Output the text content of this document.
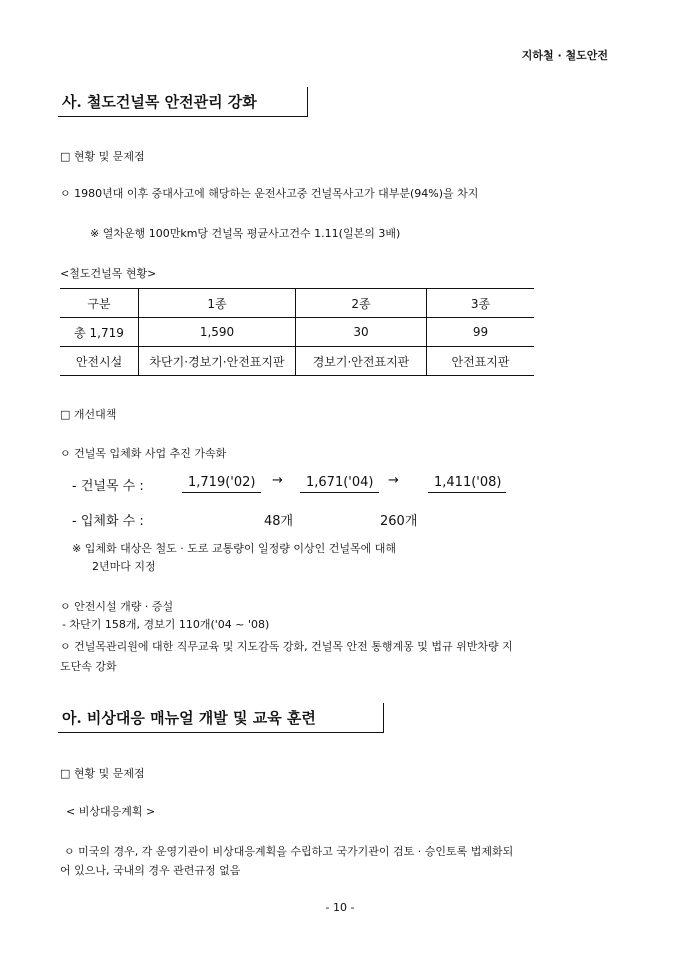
지하철 · 철도안전
사. 철도건널목 안전관리 강화
□ 현황 및 문제점
ㅇ 1980년대 이후 중대사고에 해당하는 운전사고중 건널목사고가 대부분(94%)을 차지
※ 열차운행 100만km당 건널목 평균사고건수 1.11(일본의 3배)
<철도건널목 현황>
구분	1종	2종	3종
총 1,719	1,590	30	99
안전시설	차단기·경보기·안전표지판	경보기·안전표지판	안전표지판
□ 개선대책
ㅇ 건널목 입체화 사업 추진 가속화
- 건널목 수 :	1,719('02)	→	1,671('04)	→	1,411('08)
- 입체화 수 :	48개	260개
※ 입체화 대상은 철도 · 도로 교통량이 일정량 이상인 건널목에 대해
2년마다 지정
ㅇ 안전시설 개량 · 증설
- 차단기 158개, 경보기 110개('04 ~ '08)
ㅇ 건널목관리원에 대한 직무교육 및 지도감독 강화, 건널목 안전 통행계몽 및 법규 위반차량 지
도단속 강화
아. 비상대응 매뉴얼 개발 및 교육 훈련
□ 현황 및 문제점
< 비상대응계획 >
ㅇ 미국의 경우, 각 운영기관이 비상대응계획을 수립하고 국가기관이 검토 · 승인토록 법제화되
어 있으나, 국내의 경우 관련규정 없음
- 10 -
